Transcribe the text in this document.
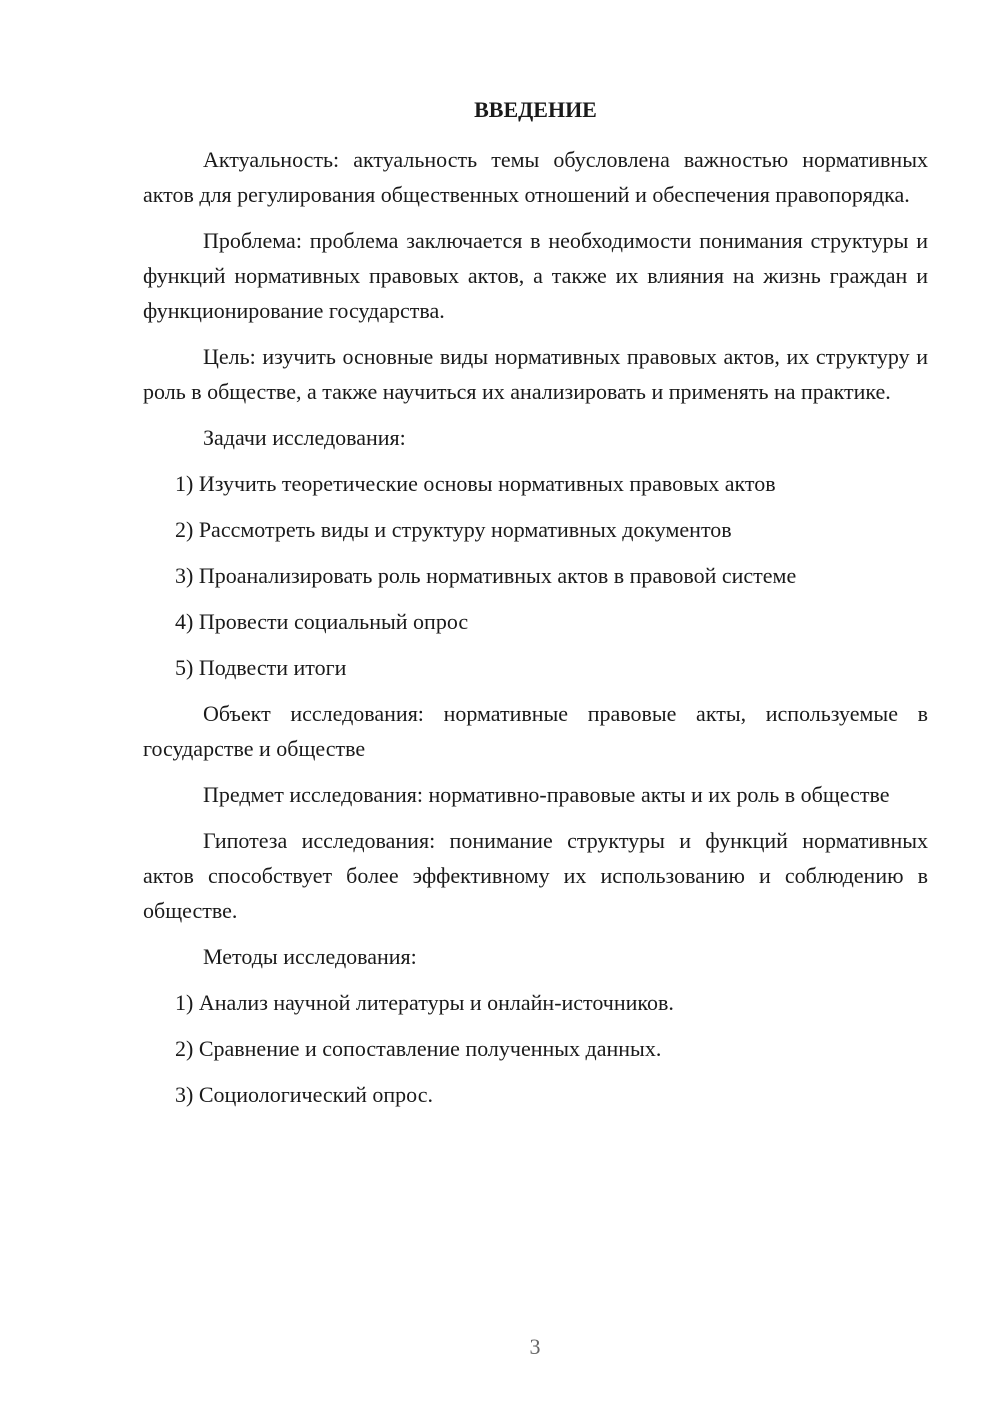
ВВЕДЕНИЕ
Актуальность: актуальность темы обусловлена важностью нормативных актов для регулирования общественных отношений и обеспечения правопорядка.
Проблема: проблема заключается в необходимости понимания структуры и функций нормативных правовых актов, а также их влияния на жизнь граждан и функционирование государства.
Цель: изучить основные виды нормативных правовых актов, их структуру и роль в обществе, а также научиться их анализировать и применять на практике.
Задачи исследования:
1) Изучить теоретические основы нормативных правовых актов
2) Рассмотреть виды и структуру нормативных документов
3) Проанализировать роль нормативных актов в правовой системе
4) Провести социальный опрос
5) Подвести итоги
Объект исследования: нормативные правовые акты, используемые в государстве и обществе
Предмет исследования: нормативно-правовые акты и их роль в обществе
Гипотеза исследования: понимание структуры и функций нормативных актов способствует более эффективному их использованию и соблюдению в обществе.
Методы исследования:
1) Анализ научной литературы и онлайн-источников.
2) Сравнение и сопоставление полученных данных.
3) Социологический опрос.
3
